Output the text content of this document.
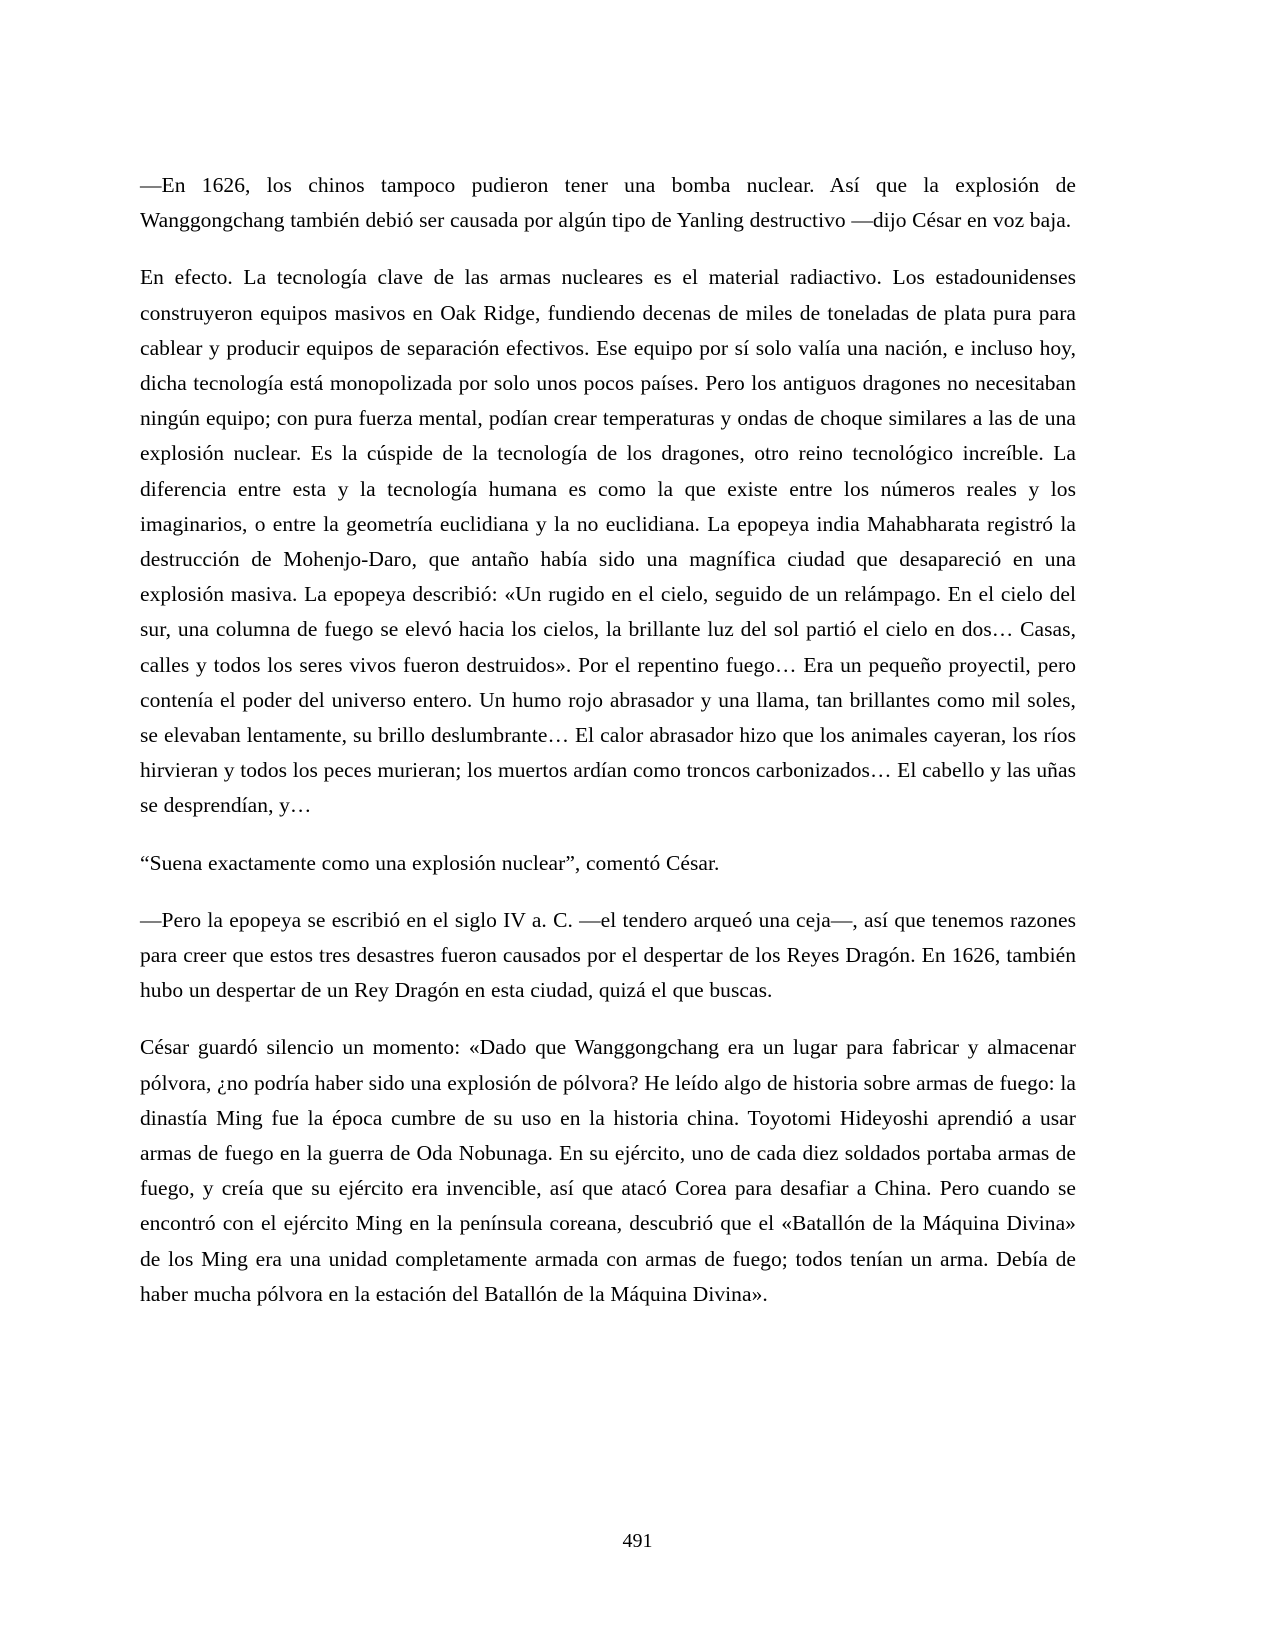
—En 1626, los chinos tampoco pudieron tener una bomba nuclear. Así que la explosión de Wanggongchang también debió ser causada por algún tipo de Yanling destructivo —dijo César en voz baja.

En efecto. La tecnología clave de las armas nucleares es el material radiactivo. Los estadounidenses construyeron equipos masivos en Oak Ridge, fundiendo decenas de miles de toneladas de plata pura para cablear y producir equipos de separación efectivos. Ese equipo por sí solo valía una nación, e incluso hoy, dicha tecnología está monopolizada por solo unos pocos países. Pero los antiguos dragones no necesitaban ningún equipo; con pura fuerza mental, podían crear temperaturas y ondas de choque similares a las de una explosión nuclear. Es la cúspide de la tecnología de los dragones, otro reino tecnológico increíble. La diferencia entre esta y la tecnología humana es como la que existe entre los números reales y los imaginarios, o entre la geometría euclidiana y la no euclidiana. La epopeya india Mahabharata registró la destrucción de Mohenjo-Daro, que antaño había sido una magnífica ciudad que desapareció en una explosión masiva. La epopeya describió: «Un rugido en el cielo, seguido de un relámpago. En el cielo del sur, una columna de fuego se elevó hacia los cielos, la brillante luz del sol partió el cielo en dos… Casas, calles y todos los seres vivos fueron destruidos». Por el repentino fuego… Era un pequeño proyectil, pero contenía el poder del universo entero. Un humo rojo abrasador y una llama, tan brillantes como mil soles, se elevaban lentamente, su brillo deslumbrante… El calor abrasador hizo que los animales cayeran, los ríos hirvieran y todos los peces murieran; los muertos ardían como troncos carbonizados… El cabello y las uñas se desprendían, y…

“Suena exactamente como una explosión nuclear”, comentó César.

—Pero la epopeya se escribió en el siglo IV a. C. —el tendero arqueó una ceja—, así que tenemos razones para creer que estos tres desastres fueron causados por el despertar de los Reyes Dragón. En 1626, también hubo un despertar de un Rey Dragón en esta ciudad, quizá el que buscas.

César guardó silencio un momento: «Dado que Wanggongchang era un lugar para fabricar y almacenar pólvora, ¿no podría haber sido una explosión de pólvora? He leído algo de historia sobre armas de fuego: la dinastía Ming fue la época cumbre de su uso en la historia china. Toyotomi Hideyoshi aprendió a usar armas de fuego en la guerra de Oda Nobunaga. En su ejército, uno de cada diez soldados portaba armas de fuego, y creía que su ejército era invencible, así que atacó Corea para desafiar a China. Pero cuando se encontró con el ejército Ming en la península coreana, descubrió que el «Batallón de la Máquina Divina» de los Ming era una unidad completamente armada con armas de fuego; todos tenían un arma. Debía de haber mucha pólvora en la estación del Batallón de la Máquina Divina».

491
